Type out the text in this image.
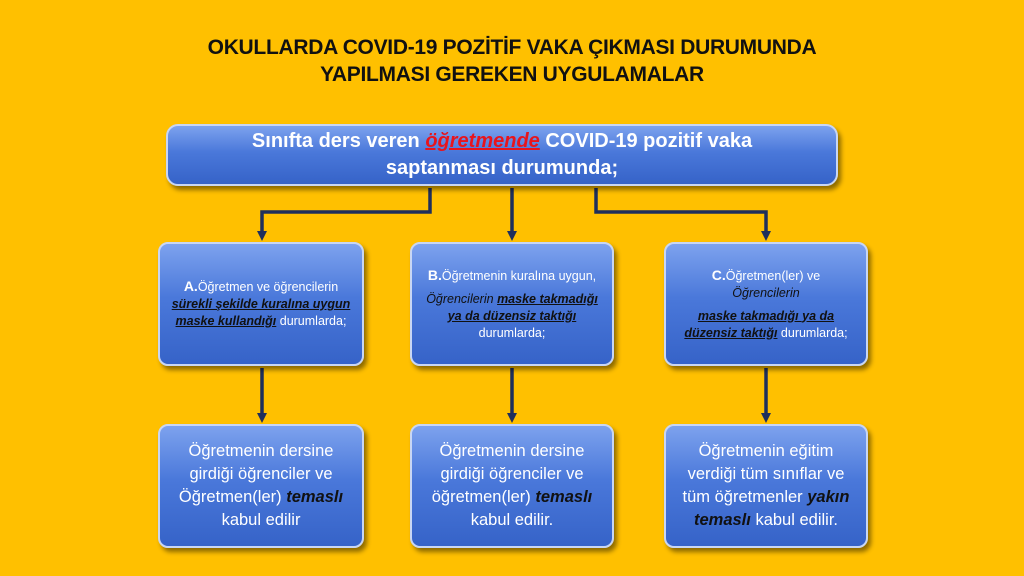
OKULLARDA COVID-19 POZİTİF VAKA ÇIKMASI DURUMUNDA
YAPILMASI GEREKEN UYGULAMALAR
Sınıfta ders veren öğretmende COVID-19 pozitif vaka
saptanması durumunda;
A.Öğretmen ve öğrencilerin sürekli şekilde kuralına uygun maske kullandığı durumlarda;
B.Öğretmenin kuralına uygun,
Öğrencilerin maske takmadığı ya da düzensiz taktığı durumlarda;
C.Öğretmen(ler) ve
Öğrencilerin
maske takmadığı ya da düzensiz taktığı durumlarda;
Öğretmenin dersine girdiği öğrenciler ve Öğretmen(ler) temaslı kabul edilir
Öğretmenin dersine girdiği öğrenciler ve öğretmen(ler) temaslı kabul edilir.
Öğretmenin eğitim verdiği tüm sınıflar ve tüm öğretmenler yakın temaslı kabul edilir.
